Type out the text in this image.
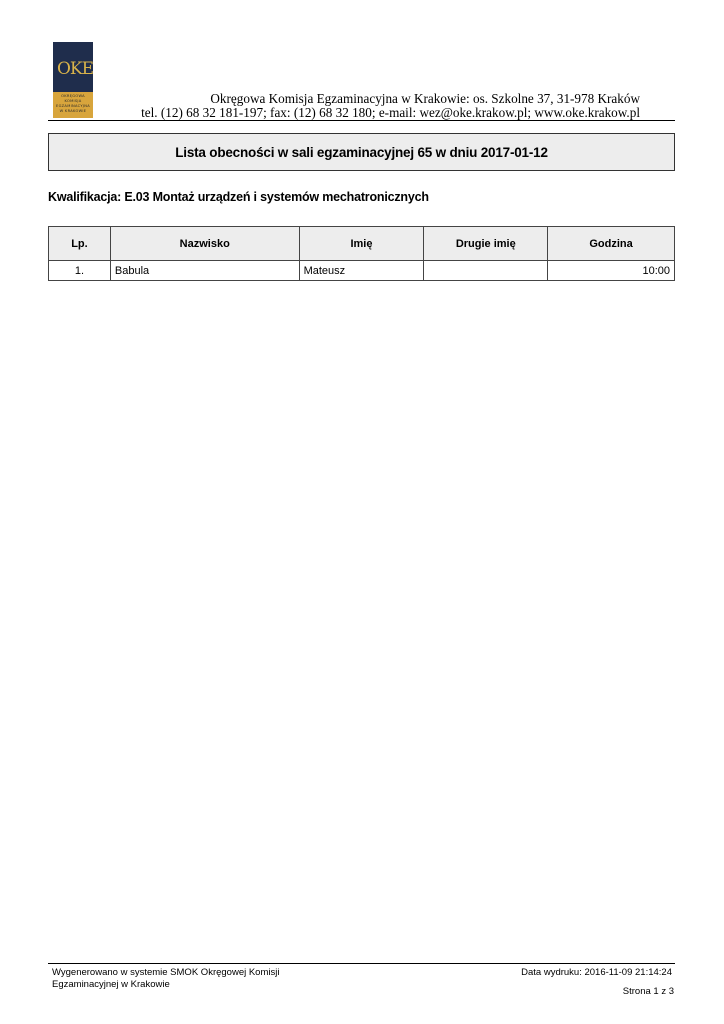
OKE
OKRĘGOWA
KOMISJA
EGZAMINACYJNA
W KRAKOWIE
Okręgowa Komisja Egzaminacyjna w Krakowie: os. Szkolne 37, 31-978 Kraków
tel. (12) 68 32 181-197; fax: (12) 68 32 180; e-mail: wez@oke.krakow.pl; www.oke.krakow.pl
Lista obecności w sali egzaminacyjnej 65 w dniu 2017-01-12
Kwalifikacja: E.03 Montaż urządzeń i systemów mechatronicznych
Lp.	Nazwisko	Imię	Drugie imię	Godzina
1.	Babula	Mateusz		10:00
Wygenerowano w systemie SMOK Okręgowej Komisji Egzaminacyjnej w Krakowie
Data wydruku: 2016-11-09 21:14:24
Strona 1 z 3
